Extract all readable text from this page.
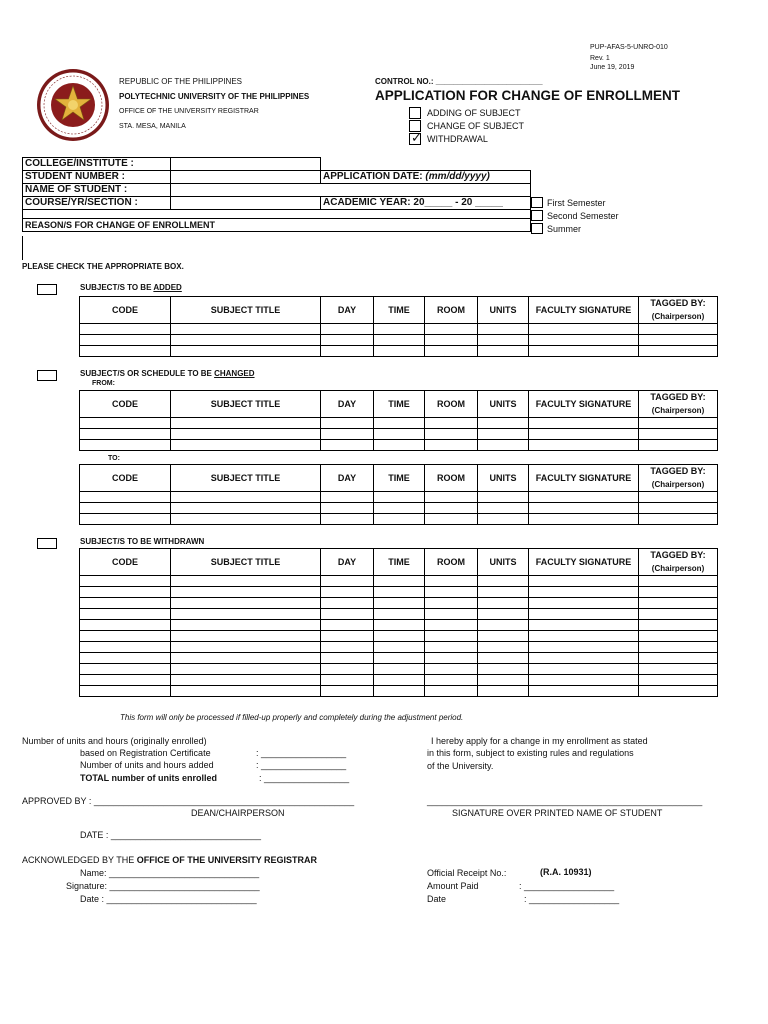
PUP-AFAS-5-UNRO-010
Rev. 1
June 19, 2019
REPUBLIC OF THE PHILIPPINES
POLYTECHNIC UNIVERSITY OF THE PHILIPPINES
OFFICE OF THE UNIVERSITY REGISTRAR
STA. MESA, MANILA
CONTROL NO.: ________________________
APPLICATION FOR CHANGE OF ENROLLMENT
ADDING OF SUBJECT
CHANGE OF SUBJECT
✓ WITHDRAWAL
COLLEGE/INSTITUTE :		
STUDENT NUMBER :		APPLICATION DATE: (mm/dd/yyyy)
NAME OF STUDENT :		
COURSE/YR/SECTION :		ACADEMIC YEAR: 20_____ - 20 _____

REASON/S FOR CHANGE OF ENROLLMENT		
First Semester
Second Semester
Summer
PLEASE CHECK THE APPROPRIATE BOX.
SUBJECT/S TO BE ADDED
CODE	SUBJECT TITLE	DAY	TIME	ROOM	UNITS	FACULTY SIGNATURE	TAGGED BY:
(Chairperson)

SUBJECT/S OR SCHEDULE TO BE CHANGED
FROM:
CODE	SUBJECT TITLE	DAY	TIME	ROOM	UNITS	FACULTY SIGNATURE	TAGGED BY:
(Chairperson)

TO:
CODE	SUBJECT TITLE	DAY	TIME	ROOM	UNITS	FACULTY SIGNATURE	TAGGED BY:
(Chairperson)

SUBJECT/S TO BE WITHDRAWN
CODE	SUBJECT TITLE	DAY	TIME	ROOM	UNITS	FACULTY SIGNATURE	TAGGED BY:
(Chairperson)

This form will only be processed if filled-up properly and completely during the adjustment period.
Number of units and hours (originally enrolled)
based on Registration Certificate	: _________________
Number of units and hours added	: _________________
TOTAL number of units enrolled	: _________________
I hereby apply for a change in my enrollment as stated
in this form, subject to existing rules and regulations
of the University.
APPROVED BY : ____________________________________________________
DEAN/CHAIRPERSON
_______________________________________________________
SIGNATURE OVER PRINTED NAME OF STUDENT
DATE : ______________________________
ACKNOWLEDGED BY THE OFFICE OF THE UNIVERSITY REGISTRAR
Name: ______________________________
Signature: ______________________________
Date : ______________________________
Official Receipt No.:	(R.A. 10931)
Amount Paid	: __________________
Date	: __________________
